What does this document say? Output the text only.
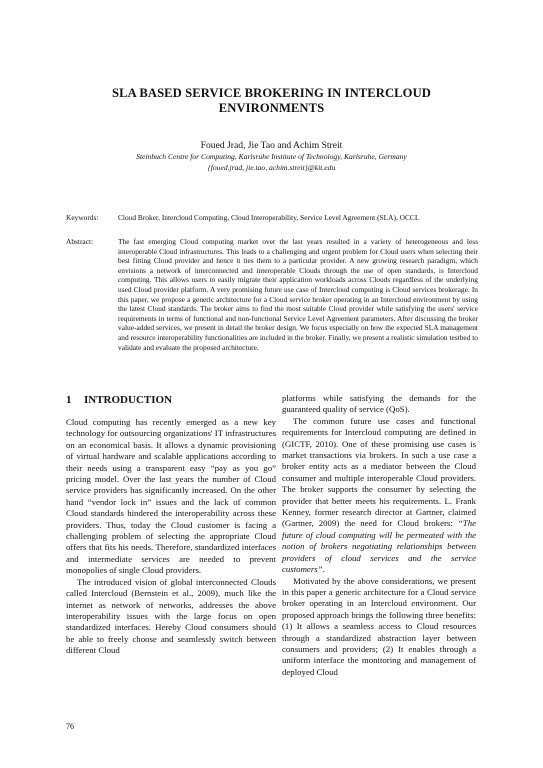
SLA BASED SERVICE BROKERING IN INTERCLOUD ENVIRONMENTS
Foued Jrad, Jie Tao and Achim Streit
Steinbuch Centre for Computing, Karlsruhe Institute of Technology, Karlsruhe, Germany
{foued.jrad, jie.tao, achim.streit}@kit.edu
Keywords:	Cloud Broker, Intercloud Computing, Cloud Interoperability, Service Level Agreement (SLA), OCCI.
Abstract:	The fast emerging Cloud computing market over the last years resulted in a variety of heterogeneous and less interoperable Cloud infrastructures. This leads to a challenging and urgent problem for Cloud users when selecting their best fitting Cloud provider and hence it ties them to a particular provider. A new growing research paradigm, which envisions a network of interconnected and interoperable Clouds through the use of open standards, is Intercloud computing. This allows users to easily migrate their application workloads across Clouds regardless of the underlying used Cloud provider platform. A very promising future use case of Intercloud computing is Cloud services brokerage. In this paper, we propose a generic architecture for a Cloud service broker operating in an Intercloud environment by using the latest Cloud standards. The broker aims to find the most suitable Cloud provider while satisfying the users' service requirements in terms of functional and non-functional Service Level Agreement parameters. After discussing the broker value-added services, we present in detail the broker design. We focus especially on how the expected SLA management and resource interoperability functionalities are included in the broker. Finally, we present a realistic simulation testbed to validate and evaluate the proposed architecture.
1 INTRODUCTION

Cloud computing has recently emerged as a new key technology for outsourcing organizations' IT infrastructures on an economical basis. It allows a dynamic provisioning of virtual hardware and scalable applications according to their needs using a transparent easy “pay as you go” pricing model. Over the last years the number of Cloud service providers has significantly increased. On the other hand “vendor lock in” issues and the lack of common Cloud standards hindered the interoperability across these providers. Thus, today the Cloud customer is facing a challenging problem of selecting the appropriate Cloud offers that fits his needs. Therefore, standardized interfaces and intermediate services are needed to prevent monopolies of single Cloud providers.

The introduced vision of global interconnected Clouds called Intercloud (Bernstein et al., 2009), much like the internet as network of networks, addresses the above interoperability issues with the large focus on open standardized interfaces. Hereby Cloud consumers should be able to freely choose and seamlessly switch between different Cloud

platforms while satisfying the demands for the guaranteed quality of service (QoS).

The common future use cases and functional requirements for Intercloud computing are defined in (GICTF, 2010). One of these promising use cases is market transactions via brokers. In such a use case a broker entity acts as a mediator between the Cloud consumer and multiple interoperable Cloud providers. The broker supports the consumer by selecting the provider that better meets his requirements. L. Frank Kenney, former research director at Gartner, claimed (Gartner, 2009) the need for Cloud brokers: “The future of cloud computing will be permeated with the notion of brokers negotiating relationships between providers of cloud services and the service customers”.

Motivated by the above considerations, we present in this paper a generic architecture for a Cloud service broker operating in an Intercloud environment. Our proposed approach brings the following three benefits: (1) It allows a seamless access to Cloud resources through a standardized abstraction layer between consumers and providers; (2) It enables through a uniform interface the monitoring and management of deployed Cloud

76
